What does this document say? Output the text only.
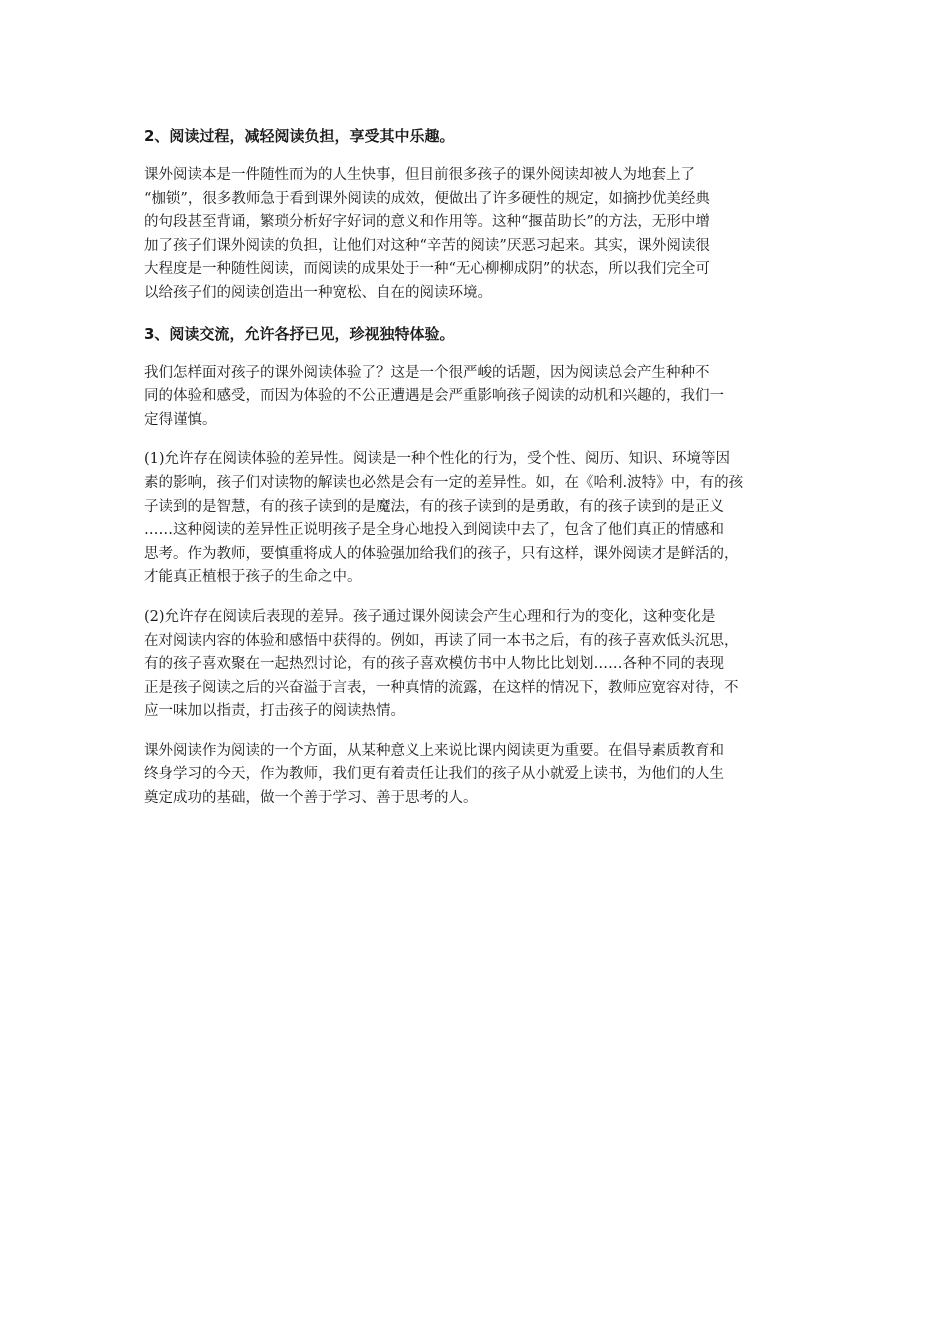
2、阅读过程，减轻阅读负担，享受其中乐趣。
课外阅读本是一件随性而为的人生快事，但目前很多孩子的课外阅读却被人为地套上了
“枷锁”，很多教师急于看到课外阅读的成效，便做出了许多硬性的规定，如摘抄优美经典
的句段甚至背诵，繁琐分析好字好词的意义和作用等。这种“揠苗助长”的方法，无形中增
加了孩子们课外阅读的负担，让他们对这种“辛苦的阅读”厌恶习起来。其实，课外阅读很
大程度是一种随性阅读，而阅读的成果处于一种“无心柳柳成阴”的状态，所以我们完全可
以给孩子们的阅读创造出一种宽松、自在的阅读环境。
3、阅读交流，允许各抒已见，珍视独特体验。
我们怎样面对孩子的课外阅读体验了？这是一个很严峻的话题，因为阅读总会产生种种不
同的体验和感受，而因为体验的不公正遭遇是会严重影响孩子阅读的动机和兴趣的，我们一
定得谨慎。
(1)允许存在阅读体验的差异性。阅读是一种个性化的行为，受个性、阅历、知识、环境等因
素的影响，孩子们对读物的解读也必然是会有一定的差异性。如，在《哈利.波特》中，有的孩
子读到的是智慧，有的孩子读到的是魔法，有的孩子读到的是勇敢，有的孩子读到的是正义
……这种阅读的差异性正说明孩子是全身心地投入到阅读中去了，包含了他们真正的情感和
思考。作为教师，要慎重将成人的体验强加给我们的孩子，只有这样，课外阅读才是鲜活的，
才能真正植根于孩子的生命之中。
(2)允许存在阅读后表现的差异。孩子通过课外阅读会产生心理和行为的变化，这种变化是
在对阅读内容的体验和感悟中获得的。例如，再读了同一本书之后，有的孩子喜欢低头沉思，
有的孩子喜欢聚在一起热烈讨论，有的孩子喜欢模仿书中人物比比划划……各种不同的表现
正是孩子阅读之后的兴奋溢于言表，一种真情的流露，在这样的情况下，教师应宽容对待，不
应一味加以指责，打击孩子的阅读热情。
课外阅读作为阅读的一个方面，从某种意义上来说比课内阅读更为重要。在倡导素质教育和
终身学习的今天，作为教师，我们更有着责任让我们的孩子从小就爱上读书，为他们的人生
奠定成功的基础，做一个善于学习、善于思考的人。
